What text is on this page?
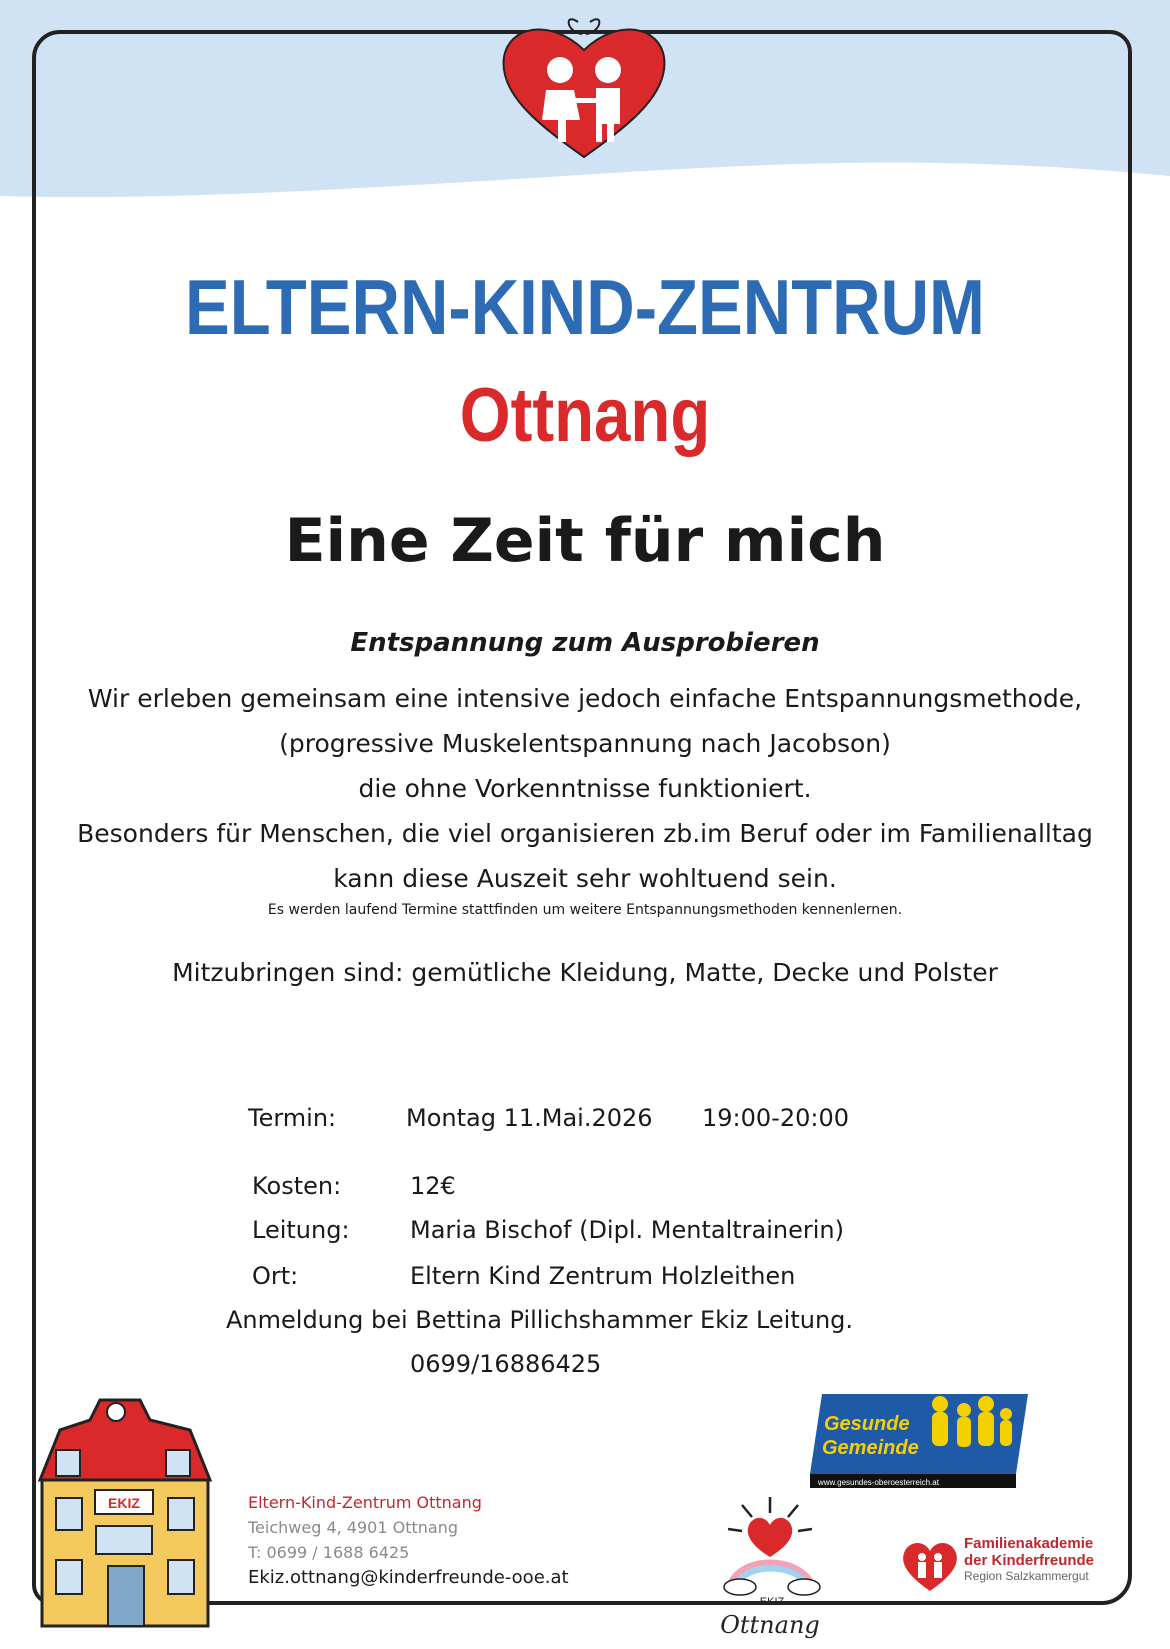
ELTERN-KIND-ZENTRUM
Ottnang
Eine Zeit für mich
Entspannung zum Ausprobieren
Wir erleben gemeinsam eine intensive jedoch einfache Entspannungsmethode,
(progressive Muskelentspannung nach Jacobson)
die ohne Vorkenntnisse funktioniert.
Besonders für Menschen, die viel organisieren zb.im Beruf oder im Familienalltag
kann diese Auszeit sehr wohltuend sein.
Es werden laufend Termine stattfinden um weitere Entspannungsmethoden kennenlernen.
Mitzubringen sind: gemütliche Kleidung, Matte, Decke und Polster
Termin:	Montag 11.Mai.2026 19:00-20:00
Kosten:	12€
Leitung:	Maria Bischof (Dipl. Mentaltrainerin)
Ort:	Eltern Kind Zentrum Holzleithen
Anmeldung bei Bettina Pillichshammer Ekiz Leitung.
0699/16886425
EKIZ	Eltern-Kind-Zentrum Ottnang
Teichweg 4, 4901 Ottnang
T: 0699 / 1688 6425
Ekiz.ottnang@kinderfreunde-ooe.at
Gesunde
Gemeinde
www.gesundes-oberoesterreich.at
EKIZ
Ottnang
Familienakademie
der Kinderfreunde
Region Salzkammergut
